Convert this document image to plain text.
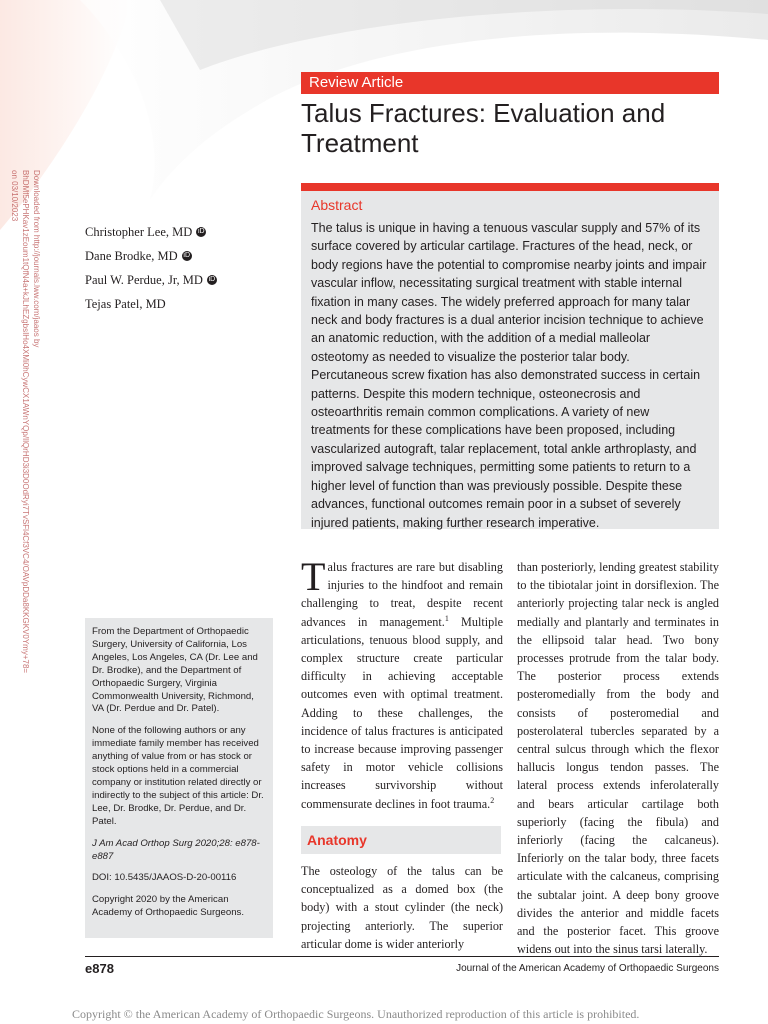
Downloaded from http://journals.lww.com/jaaos by BhDMf5ePHKav1zEoum1tQfN4a+kJLhEZgbsIHo4XMi0hCywCX1AWnYQp/IlQrHD3i3D0OdRyi7TvSFl4Cf3VC4/OAVpDDa8KKGKV0Ymy+78= on 03/10/2023
Review Article
Talus Fractures: Evaluation and Treatment
Christopher Lee, MD iD
Dane Brodke, MD iD
Paul W. Perdue, Jr, MD iD
Tejas Patel, MD
Abstract

The talus is unique in having a tenuous vascular supply and 57% of its surface covered by articular cartilage. Fractures of the head, neck, or body regions have the potential to compromise nearby joints and impair vascular inflow, necessitating surgical treatment with stable internal fixation in many cases. The widely preferred approach for many talar neck and body fractures is a dual anterior incision technique to achieve an anatomic reduction, with the addition of a medial malleolar osteotomy as needed to visualize the posterior talar body. Percutaneous screw fixation has also demonstrated success in certain patterns. Despite this modern technique, osteonecrosis and osteoarthritis remain common complications. A variety of new treatments for these complications have been proposed, including vascularized autograft, talar replacement, total ankle arthroplasty, and improved salvage techniques, permitting some patients to return to a higher level of function than was previously possible. Despite these advances, functional outcomes remain poor in a subset of severely injured patients, making further research imperative.

From the Department of Orthopaedic Surgery, University of California, Los Angeles, Los Angeles, CA (Dr. Lee and Dr. Brodke), and the Department of Orthopaedic Surgery, Virginia Commonwealth University, Richmond, VA (Dr. Perdue and Dr. Patel).

None of the following authors or any immediate family member has received anything of value from or has stock or stock options held in a commercial company or institution related directly or indirectly to the subject of this article: Dr. Lee, Dr. Brodke, Dr. Perdue, and Dr. Patel.

J Am Acad Orthop Surg 2020;28: e878-e887

DOI: 10.5435/JAAOS-D-20-00116

Copyright 2020 by the American Academy of Orthopaedic Surgeons.

Talus fractures are rare but disabling injuries to the hindfoot and remain challenging to treat, despite recent advances in management.$^1$ Multiple articulations, tenuous blood supply, and complex structure create particular difficulty in achieving acceptable outcomes even with optimal treatment. Adding to these challenges, the incidence of talus fractures is anticipated to increase because improving passenger safety in motor vehicle collisions increases survivorship without commensurate declines in foot trauma.$^2$

Anatomy

The osteology of the talus can be conceptualized as a domed box (the body) with a stout cylinder (the neck) projecting anteriorly. The superior articular dome is wider anteriorly

than posteriorly, lending greatest stability to the tibiotalar joint in dorsiflexion. The anteriorly projecting talar neck is angled medially and plantarly and terminates in the ellipsoid talar head. Two bony processes protrude from the talar body. The posterior process extends posteromedially from the body and consists of posteromedial and posterolateral tubercles separated by a central sulcus through which the flexor hallucis longus tendon passes. The lateral process extends inferolaterally and bears articular cartilage both superiorly (facing the fibula) and inferiorly (facing the calcaneus). Inferiorly on the talar body, three facets articulate with the calcaneus, comprising the subtalar joint. A deep bony groove divides the anterior and middle facets and the posterior facet. This groove widens out into the sinus tarsi laterally.

e878	Journal of the American Academy of Orthopaedic Surgeons
Copyright © the American Academy of Orthopaedic Surgeons. Unauthorized reproduction of this article is prohibited.
